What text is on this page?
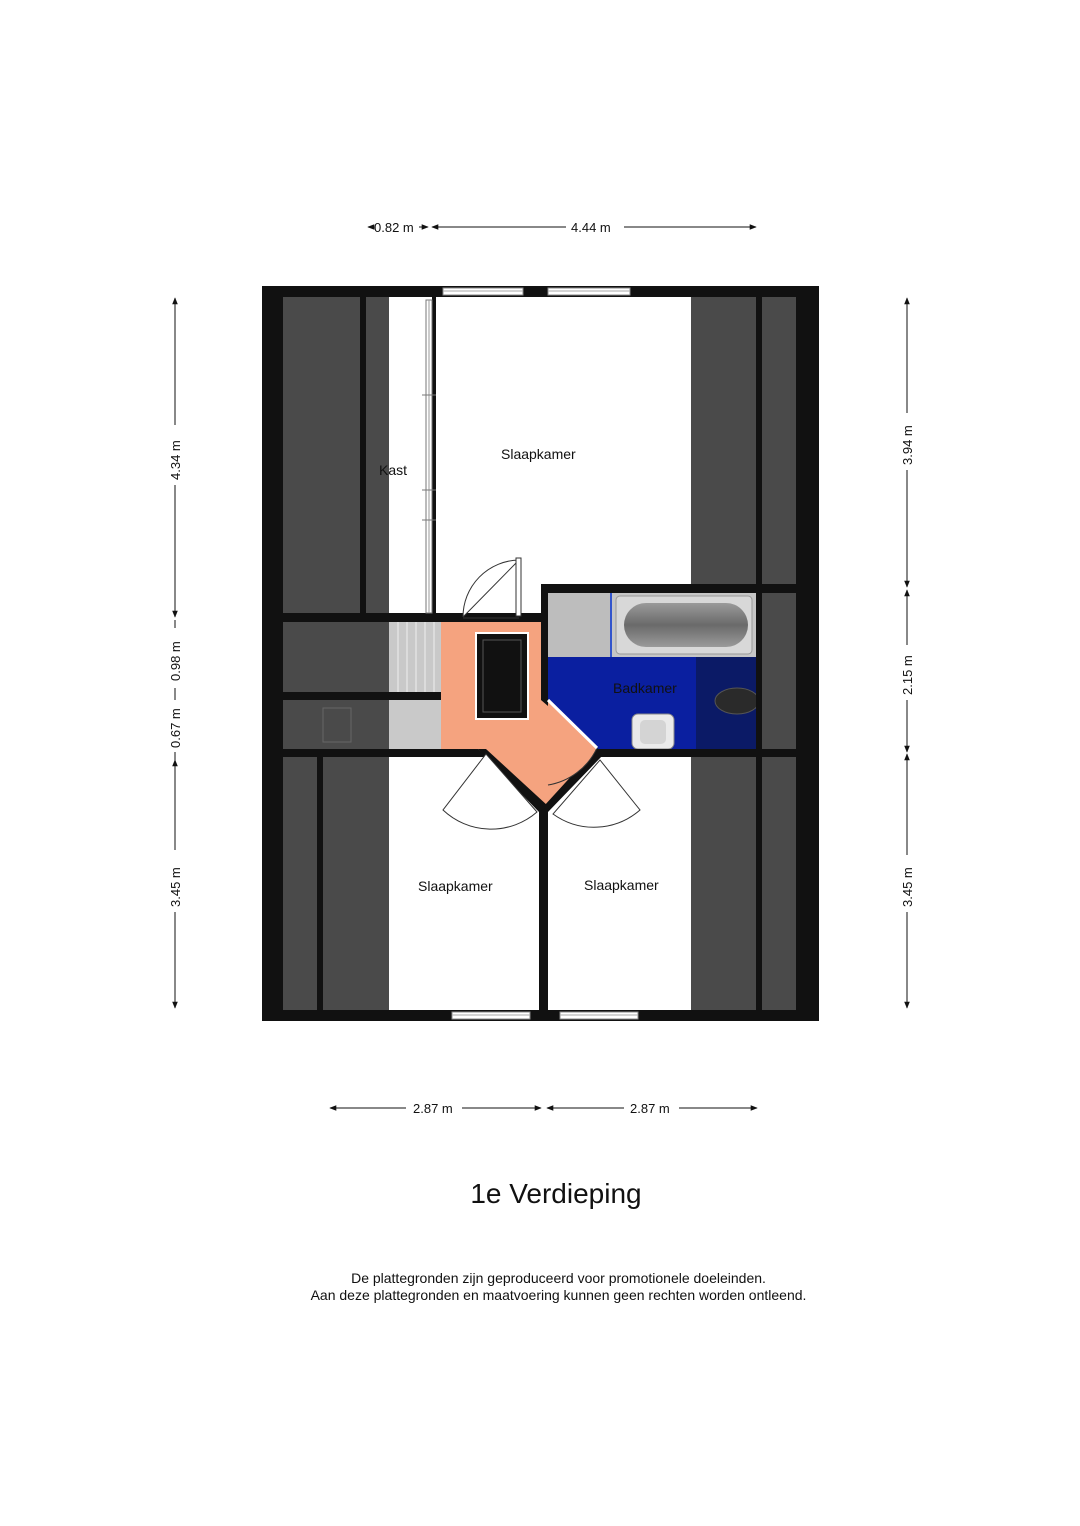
Kast
Slaapkamer
Badkamer
Slaapkamer	Slaapkamer
0.82 m	4.44 m
2.87 m	2.87 m
4.34 m
0.98 m
0.67 m
3.45 m
3.94 m
2.15 m
3.45 m
1e Verdieping
De plattegronden zijn geproduceerd voor promotionele doeleinden.
Aan deze plattegronden en maatvoering kunnen geen rechten worden ontleend.
